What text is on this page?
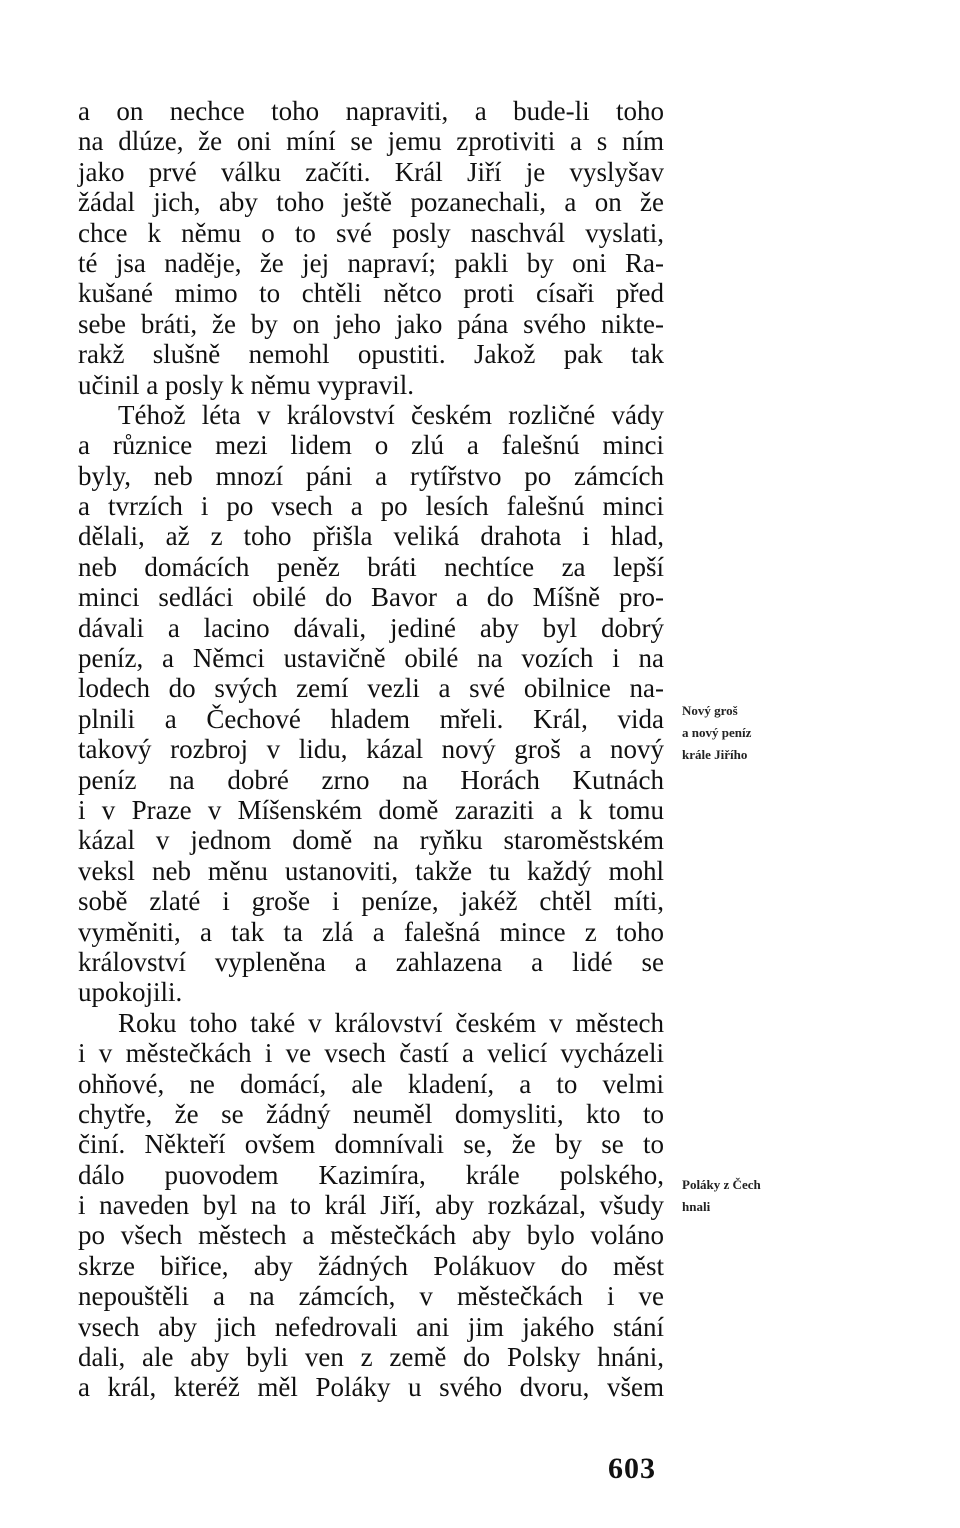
a on nechce toho napraviti, a bude-li toho
na dlúze, že oni míní se jemu zprotiviti a s ním
jako prvé válku začíti. Král Jiří je vyslyšav
žádal jich, aby toho ještě pozanechali, a on že
chce k němu o to své posly naschvál vyslati,
té jsa naděje, že jej napraví; pakli by oni Ra-
kušané mimo to chtěli nětco proti císaři před
sebe bráti, že by on jeho jako pána svého nikte-
rakž slušně nemohl opustiti. Jakož pak tak
učinil a posly k němu vypravil.
Téhož léta v království českém rozličné vády
a různice mezi lidem o zlú a falešnú minci
byly, neb mnozí páni a rytířstvo po zámcích
a tvrzích i po vsech a po lesích falešnú minci
dělali, až z toho přišla veliká drahota i hlad,
neb domácích peněz bráti nechtíce za lepší
minci sedláci obilé do Bavor a do Míšně pro-
dávali a lacino dávali, jediné aby byl dobrý
peníz, a Němci ustavičně obilé na vozích i na
lodech do svých zemí vezli a své obilnice na-
plnili a Čechové hladem mřeli. Král, vida
takový rozbroj v lidu, kázal nový groš a nový
peníz na dobré zrno na Horách Kutnách
i v Praze v Míšenském domě zaraziti a k tomu
kázal v jednom domě na ryňku staroměstském
veksl neb měnu ustanoviti, takže tu každý mohl
sobě zlaté i groše i peníze, jakéž chtěl míti,
vyměniti, a tak ta zlá a falešná mince z toho
království vypleněna a zahlazena a lidé se
upokojili.
Roku toho také v království českém v městech
i v městečkách i ve vsech častí a velicí vycházeli
ohňové, ne domácí, ale kladení, a to velmi
chytře, že se žádný neuměl domysliti, kto to
činí. Někteří ovšem domnívali se, že by se to
dálo puovodem Kazimíra, krále polského,
i naveden byl na to král Jiří, aby rozkázal, všudy
po všech městech a městečkách aby bylo voláno
skrze biřice, aby žádných Polákuov do měst
nepouštěli a na zámcích, v městečkách i ve
vsech aby jich nefedrovali ani jim jakého stání
dali, ale aby byli ven z země do Polsky hnáni,
a král, kteréž měl Poláky u svého dvoru, všem
Nový groš
a nový peníz
krále Jiřího
Poláky z Čech
hnali
603
